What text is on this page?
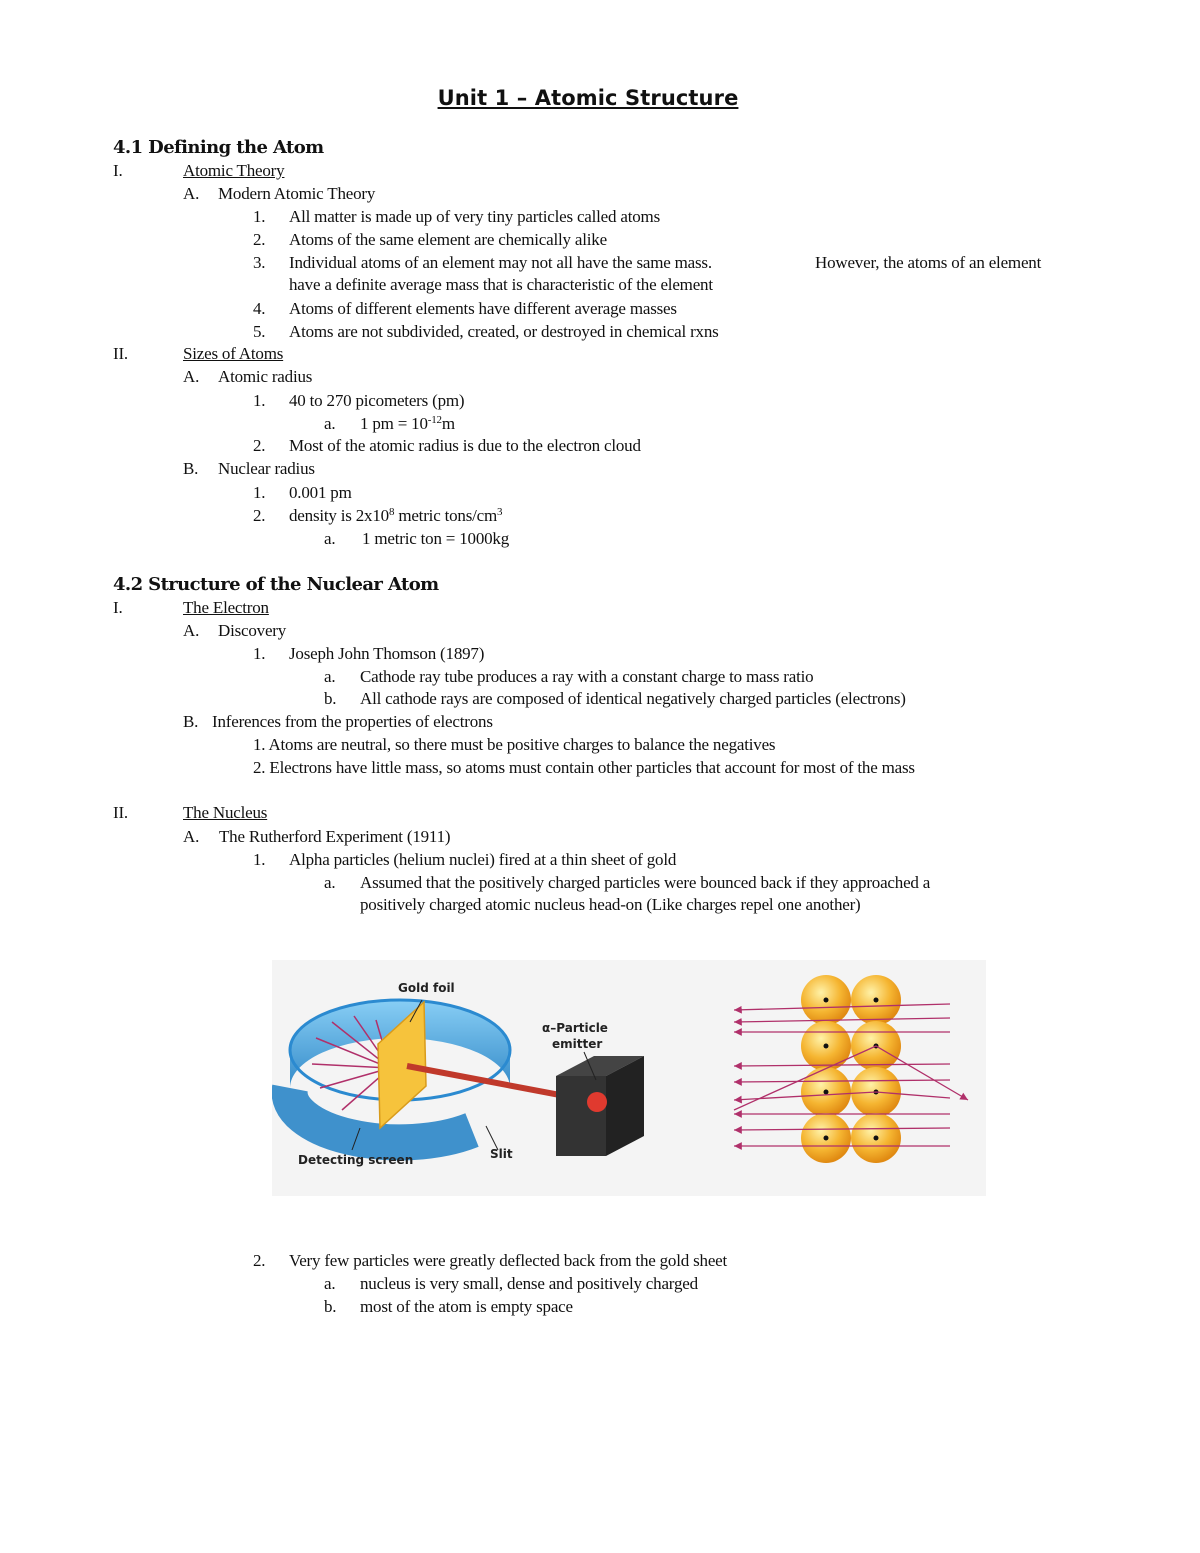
Unit 1 – Atomic Structure
4.1 Defining the Atom
I.	Atomic Theory
A. Modern Atomic Theory
1. All matter is made up of very tiny particles called atoms
2. Atoms of the same element are chemically alike
3. Individual atoms of an element may not all have the same mass.	However, the atoms of an element
have a definite average mass that is characteristic of the element
4. Atoms of different elements have different average masses
5. Atoms are not subdivided, created, or destroyed in chemical rxns
II.	Sizes of Atoms
A. Atomic radius
1. 40 to 270 picometers (pm)
a. 1 pm = $10^{-12}m$
2. Most of the atomic radius is due to the electron cloud
B. Nuclear radius
1. 0.001 pm
2. density is $2x10^8$ metric tons/$cm^3$
a. 1 metric ton = 1000kg
4.2 Structure of the Nuclear Atom
I.	The Electron
A. Discovery
1. Joseph John Thomson (1897)
a. Cathode ray tube produces a ray with a constant charge to mass ratio
b. All cathode rays are composed of identical negatively charged particles (electrons)
B. Inferences from the properties of electrons
1. Atoms are neutral, so there must be positive charges to balance the negatives
2. Electrons have little mass, so atoms must contain other particles that account for most of the mass
II.	The Nucleus
A. The Rutherford Experiment (1911)
1. Alpha particles (helium nuclei) fired at a thin sheet of gold
a. Assumed that the positively charged particles were bounced back if they approached a
positively charged atomic nucleus head-on (Like charges repel one another)
Gold foil
α–Particle
emitter
Detecting screen	Slit
2. Very few particles were greatly deflected back from the gold sheet
a. nucleus is very small, dense and positively charged
b. most of the atom is empty space
